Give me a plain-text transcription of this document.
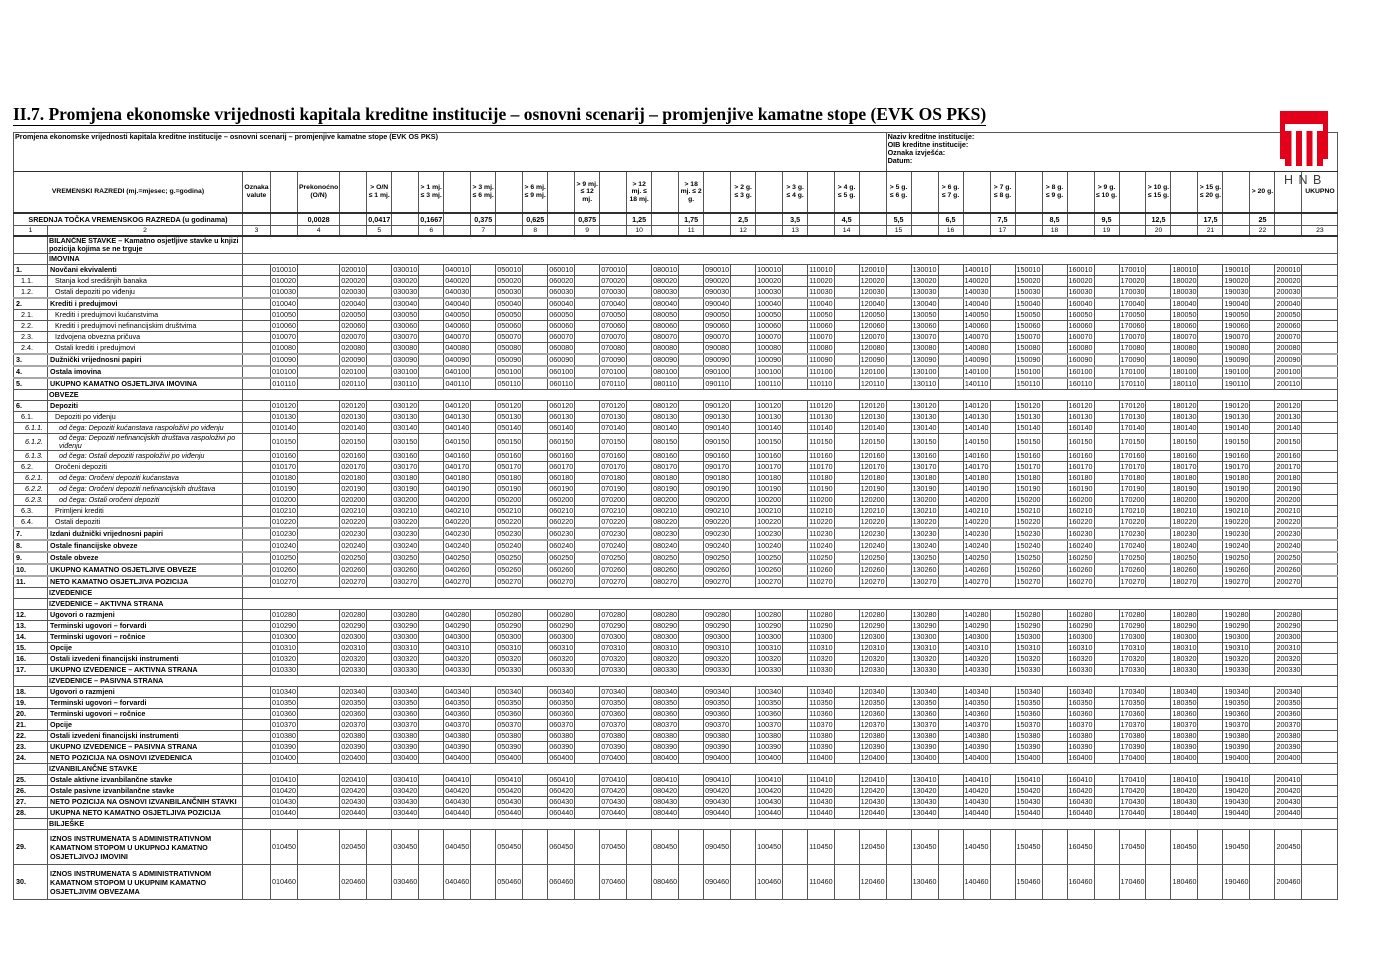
HNB
II.7. Promjena ekonomske vrijednosti kapitala kreditne institucije – osnovni scenarij – promjenjive kamatne stope (EVK OS PKS)
Promjena ekonomske vrijednosti kapitala kreditne institucije – osnovni scenarij – promjenjive kamatne stope (EVK OS PKS)																										Naziv kreditne institucije:
OIB kreditne institucije:
Oznaka izvješća:
Datum:																

VREMENSKI RAZREDI (mj.=mjesec; g.=godina)		Oznaka valute		Prekonoćno (O/N)		> O/N ≤ 1 mj.		> 1 mj. ≤ 3 mj.		> 3 mj. ≤ 6 mj.		> 6 mj. ≤ 9 mj.		> 9 mj. ≤ 12 mj.		> 12 mj. ≤ 18 mj.		> 18 mj. ≤ 2 g.		> 2 g. ≤ 3 g.		> 3 g. ≤ 4 g.		> 4 g. ≤ 5 g.		> 5 g. ≤ 6 g.		> 6 g. ≤ 7 g.		> 7 g. ≤ 8 g.		> 8 g. ≤ 9 g.		> 9 g. ≤ 10 g.		> 10 g. ≤ 15 g.		> 15 g. ≤ 20 g.		> 20 g.		UKUPNO
SREDNJA TOČKA VREMENSKOG RAZREDA (u godinama)				0,0028		0,0417		0,1667		0,375		0,625		0,875		1,25		1,75		2,5		3,5		4,5		5,5		6,5		7,5		8,5		9,5		12,5		17,5		25		
1	2	3		4		5		6		7		8		9		10		11		12		13		14		15		16		17		18		19		20		21		22		23
	BILANČNE STAVKE – Kamatno osjetljive stavke u knjizi pozicija kojima se ne trguje																																									
	IMOVINA																																									
1.	Novčani ekvivalenti		010010		020010		030010		040010		050010		060010		070010		080010		090010		100010		110010		120010		130010		140010		150010		160010		170010		180010		190010		200010	
1.1.	Stanja kod središnjih banaka		010020		020020		030020		040020		050020		060020		070020		080020		090020		100020		110020		120020		130020		140020		150020		160020		170020		180020		190020		200020	
1.2.	Ostali depoziti po viđenju		010030		020030		030030		040030		050030		060030		070030		080030		090030		100030		110030		120030		130030		140030		150030		160030		170030		180030		190030		200030	
2.	Krediti i predujmovi		010040		020040		030040		040040		050040		060040		070040		080040		090040		100040		110040		120040		130040		140040		150040		160040		170040		180040		190040		200040	
2.1.	Krediti i predujmovi kućanstvima		010050		020050		030050		040050		050050		060050		070050		080050		090050		100050		110050		120050		130050		140050		150050		160050		170050		180050		190050		200050	
2.2.	Krediti i predujmovi nefinancijskim društvima		010060		020060		030060		040060		050060		060060		070060		080060		090060		100060		110060		120060		130060		140060		150060		160060		170060		180060		190060		200060	
2.3.	Izdvojena obvezna pričuva		010070		020070		030070		040070		050070		060070		070070		080070		090070		100070		110070		120070		130070		140070		150070		160070		170070		180070		190070		200070	
2.4.	Ostali krediti i predujmovi		010080		020080		030080		040080		050080		060080		070080		080080		090080		100080		110080		120080		130080		140080		150080		160080		170080		180080		190080		200080	
3.	Dužnički vrijednosni papiri		010090		020090		030090		040090		050090		060090		070090		080090		090090		100090		110090		120090		130090		140090		150090		160090		170090		180090		190090		200090	
4.	Ostala imovina		010100		020100		030100		040100		050100		060100		070100		080100		090100		100100		110100		120100		130100		140100		150100		160100		170100		180100		190100		200100	
5.	UKUPNO KAMATNO OSJETLJIVA IMOVINA		010110		020110		030110		040110		050110		060110		070110		080110		090110		100110		110110		120110		130110		140110		150110		160110		170110		180110		190110		200110	
	OBVEZE																																									
6.	Depoziti		010120		020120		030120		040120		050120		060120		070120		080120		090120		100120		110120		120120		130120		140120		150120		160120		170120		180120		190120		200120	
6.1.	Depoziti po viđenju		010130		020130		030130		040130		050130		060130		070130		080130		090130		100130		110130		120130		130130		140130		150130		160130		170130		180130		190130		200130	
6.1.1.	od čega: Depoziti kućanstava raspoloživi po viđenju		010140		020140		030140		040140		050140		060140		070140		080140		090140		100140		110140		120140		130140		140140		150140		160140		170140		180140		190140		200140	
6.1.2.	od čega: Depoziti nefinancijskih društava raspoloživi po viđenju		010150		020150		030150		040150		050150		060150		070150		080150		090150		100150		110150		120150		130150		140150		150150		160150		170150		180150		190150		200150	
6.1.3.	od čega: Ostali depoziti raspoloživi po viđenju		010160		020160		030160		040160		050160		060160		070160		080160		090160		100160		110160		120160		130160		140160		150160		160160		170160		180160		190160		200160	
6.2.	Oročeni depoziti		010170		020170		030170		040170		050170		060170		070170		080170		090170		100170		110170		120170		130170		140170		150170		160170		170170		180170		190170		200170	
6.2.1.	od čega: Oročeni depoziti kućanstava		010180		020180		030180		040180		050180		060180		070180		080180		090180		100180		110180		120180		130180		140180		150180		160180		170180		180180		190180		200180	
6.2.2.	od čega: Oročeni depoziti nefinancijskih društava		010190		020190		030190		040190		050190		060190		070190		080190		090190		100190		110190		120190		130190		140190		150190		160190		170190		180190		190190		200190	
6.2.3.	od čega: Ostali oročeni depoziti		010200		020200		030200		040200		050200		060200		070200		080200		090200		100200		110200		120200		130200		140200		150200		160200		170200		180200		190200		200200	
6.3.	Primljeni krediti		010210		020210		030210		040210		050210		060210		070210		080210		090210		100210		110210		120210		130210		140210		150210		160210		170210		180210		190210		200210	
6.4.	Ostali depoziti		010220		020220		030220		040220		050220		060220		070220		080220		090220		100220		110220		120220		130220		140220		150220		160220		170220		180220		190220		200220	
7.	Izdani dužnički vrijednosni papiri		010230		020230		030230		040230		050230		060230		070230		080230		090230		100230		110230		120230		130230		140230		150230		160230		170230		180230		190230		200230	
8.	Ostale financijske obveze		010240		020240		030240		040240		050240		060240		070240		080240		090240		100240		110240		120240		130240		140240		150240		160240		170240		180240		190240		200240	
9.	Ostale obveze		010250		020250		030250		040250		050250		060250		070250		080250		090250		100250		110250		120250		130250		140250		150250		160250		170250		180250		190250		200250	
10.	UKUPNO KAMATNO OSJETLJIVE OBVEZE		010260		020260		030260		040260		050260		060260		070260		080260		090260		100260		110260		120260		130260		140260		150260		160260		170260		180260		190260		200260	
11.	NETO KAMATNO OSJETLJIVA POZICIJA		010270		020270		030270		040270		050270		060270		070270		080270		090270		100270		110270		120270		130270		140270		150270		160270		170270		180270		190270		200270	
	IZVEDENICE																																									
	IZVEDENICE – AKTIVNA STRANA																																									
12.	Ugovori o razmjeni		010280		020280		030280		040280		050280		060280		070280		080280		090280		100280		110280		120280		130280		140280		150280		160280		170280		180280		190280		200280	
13.	Terminski ugovori – forvardi		010290		020290		030290		040290		050290		060290		070290		080290		090290		100290		110290		120290		130290		140290		150290		160290		170290		180290		190290		200290	
14.	Terminski ugovori – ročnice		010300		020300		030300		040300		050300		060300		070300		080300		090300		100300		110300		120300		130300		140300		150300		160300		170300		180300		190300		200300	
15.	Opcije		010310		020310		030310		040310		050310		060310		070310		080310		090310		100310		110310		120310		130310		140310		150310		160310		170310		180310		190310		200310	
16.	Ostali izvedeni financijski instrumenti		010320		020320		030320		040320		050320		060320		070320		080320		090320		100320		110320		120320		130320		140320		150320		160320		170320		180320		190320		200320	
17.	UKUPNO IZVEDENICE – AKTIVNA STRANA		010330		020330		030330		040330		050330		060330		070330		080330		090330		100330		110330		120330		130330		140330		150330		160330		170330		180330		190330		200330	
	IZVEDENICE – PASIVNA STRANA																																									
18.	Ugovori o razmjeni		010340		020340		030340		040340		050340		060340		070340		080340		090340		100340		110340		120340		130340		140340		150340		160340		170340		180340		190340		200340	
19.	Terminski ugovori – forvardi		010350		020350		030350		040350		050350		060350		070350		080350		090350		100350		110350		120350		130350		140350		150350		160350		170350		180350		190350		200350	
20.	Terminski ugovori – ročnice		010360		020360		030360		040360		050360		060360		070360		080360		090360		100360		110360		120360		130360		140360		150360		160360		170360		180360		190360		200360	
21.	Opcije		010370		020370		030370		040370		050370		060370		070370		080370		090370		100370		110370		120370		130370		140370		150370		160370		170370		180370		190370		200370	
22.	Ostali izvedeni financijski instrumenti		010380		020380		030380		040380		050380		060380		070380		080380		090380		100380		110380		120380		130380		140380		150380		160380		170380		180380		190380		200380	
23.	UKUPNO IZVEDENICE – PASIVNA STRANA		010390		020390		030390		040390		050390		060390		070390		080390		090390		100390		110390		120390		130390		140390		150390		160390		170390		180390		190390		200390	
24.	NETO POZICIJA NA OSNOVI IZVEDENICA		010400		020400		030400		040400		050400		060400		070400		080400		090400		100400		110400		120400		130400		140400		150400		160400		170400		180400		190400		200400	
	IZVANBILANČNE STAVKE																																									
25.	Ostale aktivne izvanbilančne stavke		010410		020410		030410		040410		050410		060410		070410		080410		090410		100410		110410		120410		130410		140410		150410		160410		170410		180410		190410		200410	
26.	Ostale pasivne izvanbilančne stavke		010420		020420		030420		040420		050420		060420		070420		080420		090420		100420		110420		120420		130420		140420		150420		160420		170420		180420		190420		200420	
27.	NETO POZICIJA NA OSNOVI IZVANBILANČNIH STAVKI		010430		020430		030430		040430		050430		060430		070430		080430		090430		100430		110430		120430		130430		140430		150430		160430		170430		180430		190430		200430	
28.	UKUPNA NETO KAMATNO OSJETLJIVA POZICIJA		010440		020440		030440		040440		050440		060440		070440		080440		090440		100440		110440		120440		130440		140440		150440		160440		170440		180440		190440		200440	
	BILJEŠKE																																									
29.	IZNOS INSTRUMENATA S ADMINISTRATIVNOM KAMATNOM STOPOM U UKUPNOJ KAMATNO OSJETLJIVOJ IMOVINI		010450		020450		030450		040450		050450		060450		070450		080450		090450		100450		110450		120450		130450		140450		150450		160450		170450		180450		190450		200450	
30.	IZNOS INSTRUMENATA S ADMINISTRATIVNOM KAMATNOM STOPOM U UKUPNIM KAMATNO OSJETLJIVIM OBVEZAMA		010460		020460		030460		040460		050460		060460		070460		080460		090460		100460		110460		120460		130460		140460		150460		160460		170460		180460		190460		200460	
